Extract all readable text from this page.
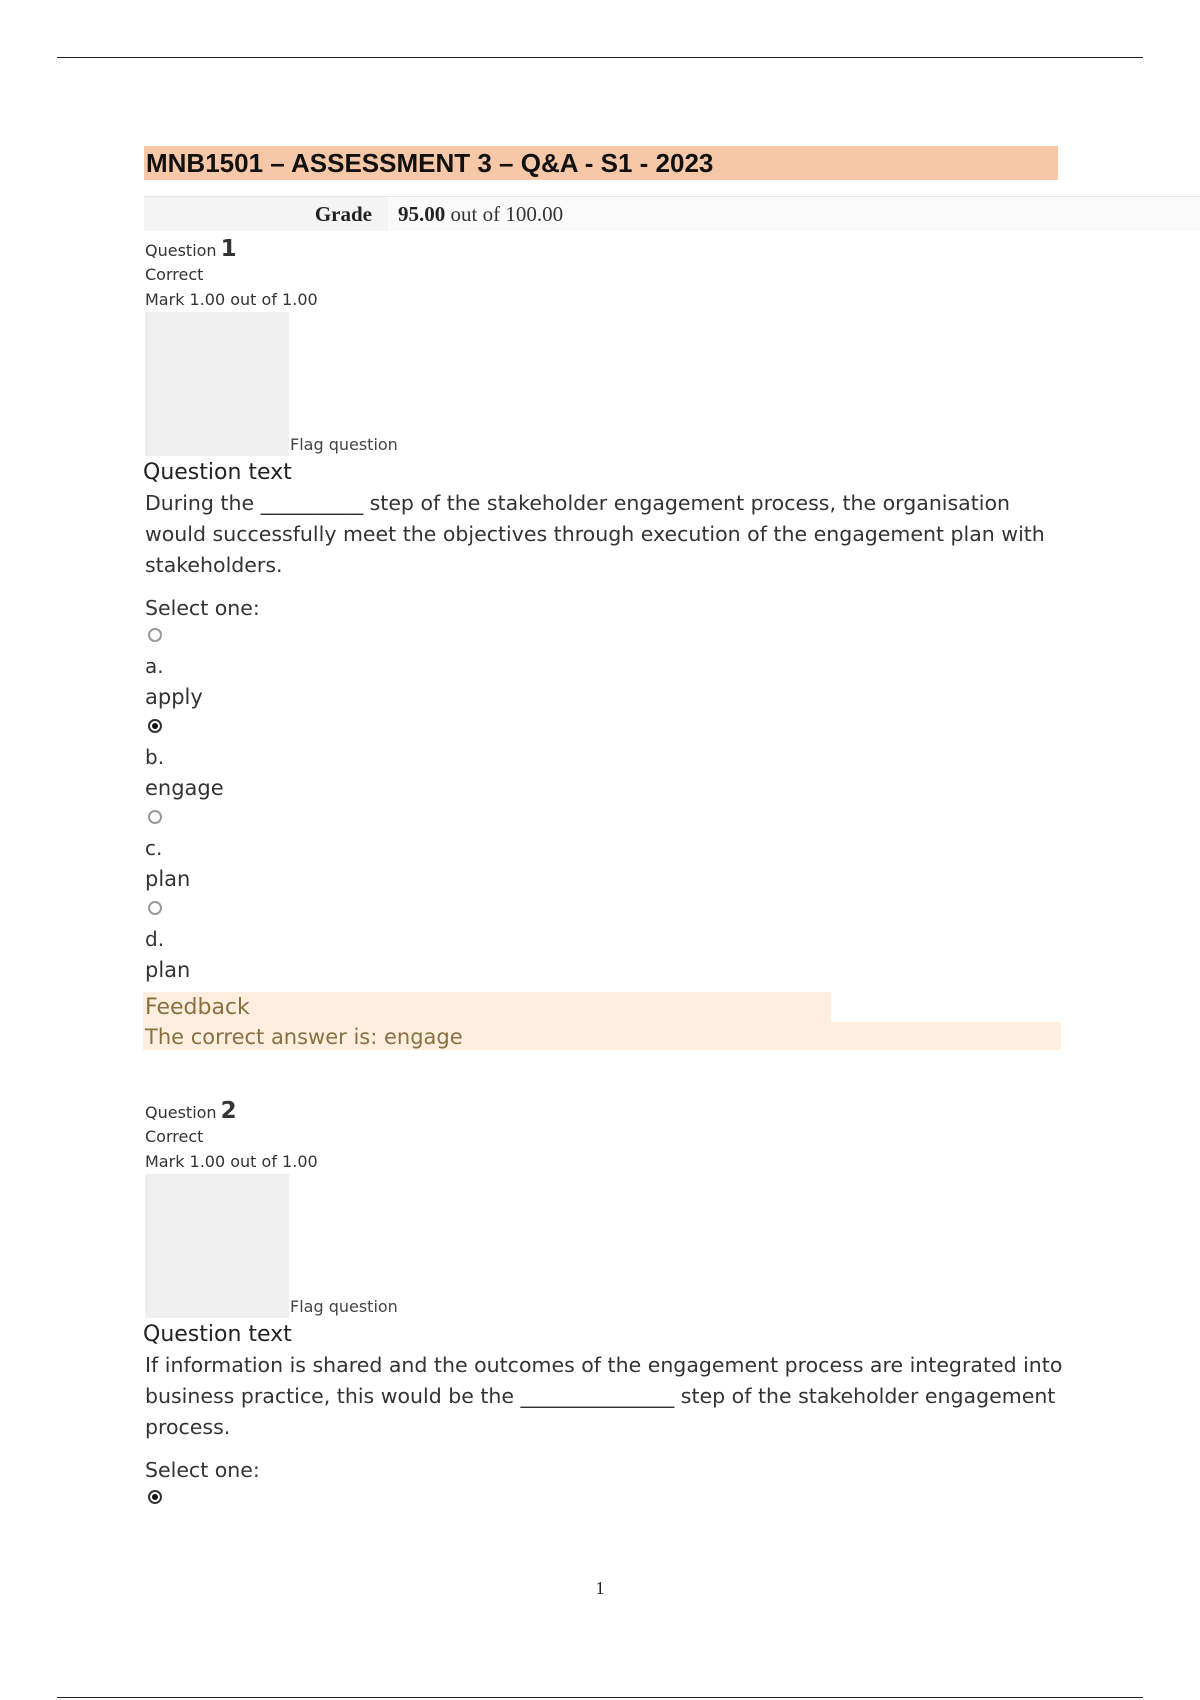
MNB1501 – ASSESSMENT 3 – Q&A - S1 - 2023
Grade	95.00 out of 100.00
Question 1
Correct
Mark 1.00 out of 1.00
Flag question
Question text
During the __________ step of the stakeholder engagement process, the organisation would successfully meet the objectives through execution of the engagement plan with stakeholders.
Select one:
a.
apply
b.
engage
c.
plan
d.
plan
Feedback
The correct answer is: engage
Question 2
Correct
Mark 1.00 out of 1.00
Flag question
Question text
If information is shared and the outcomes of the engagement process are integrated into business practice, this would be the _______________ step of the stakeholder engagement process.
Select one:
1
